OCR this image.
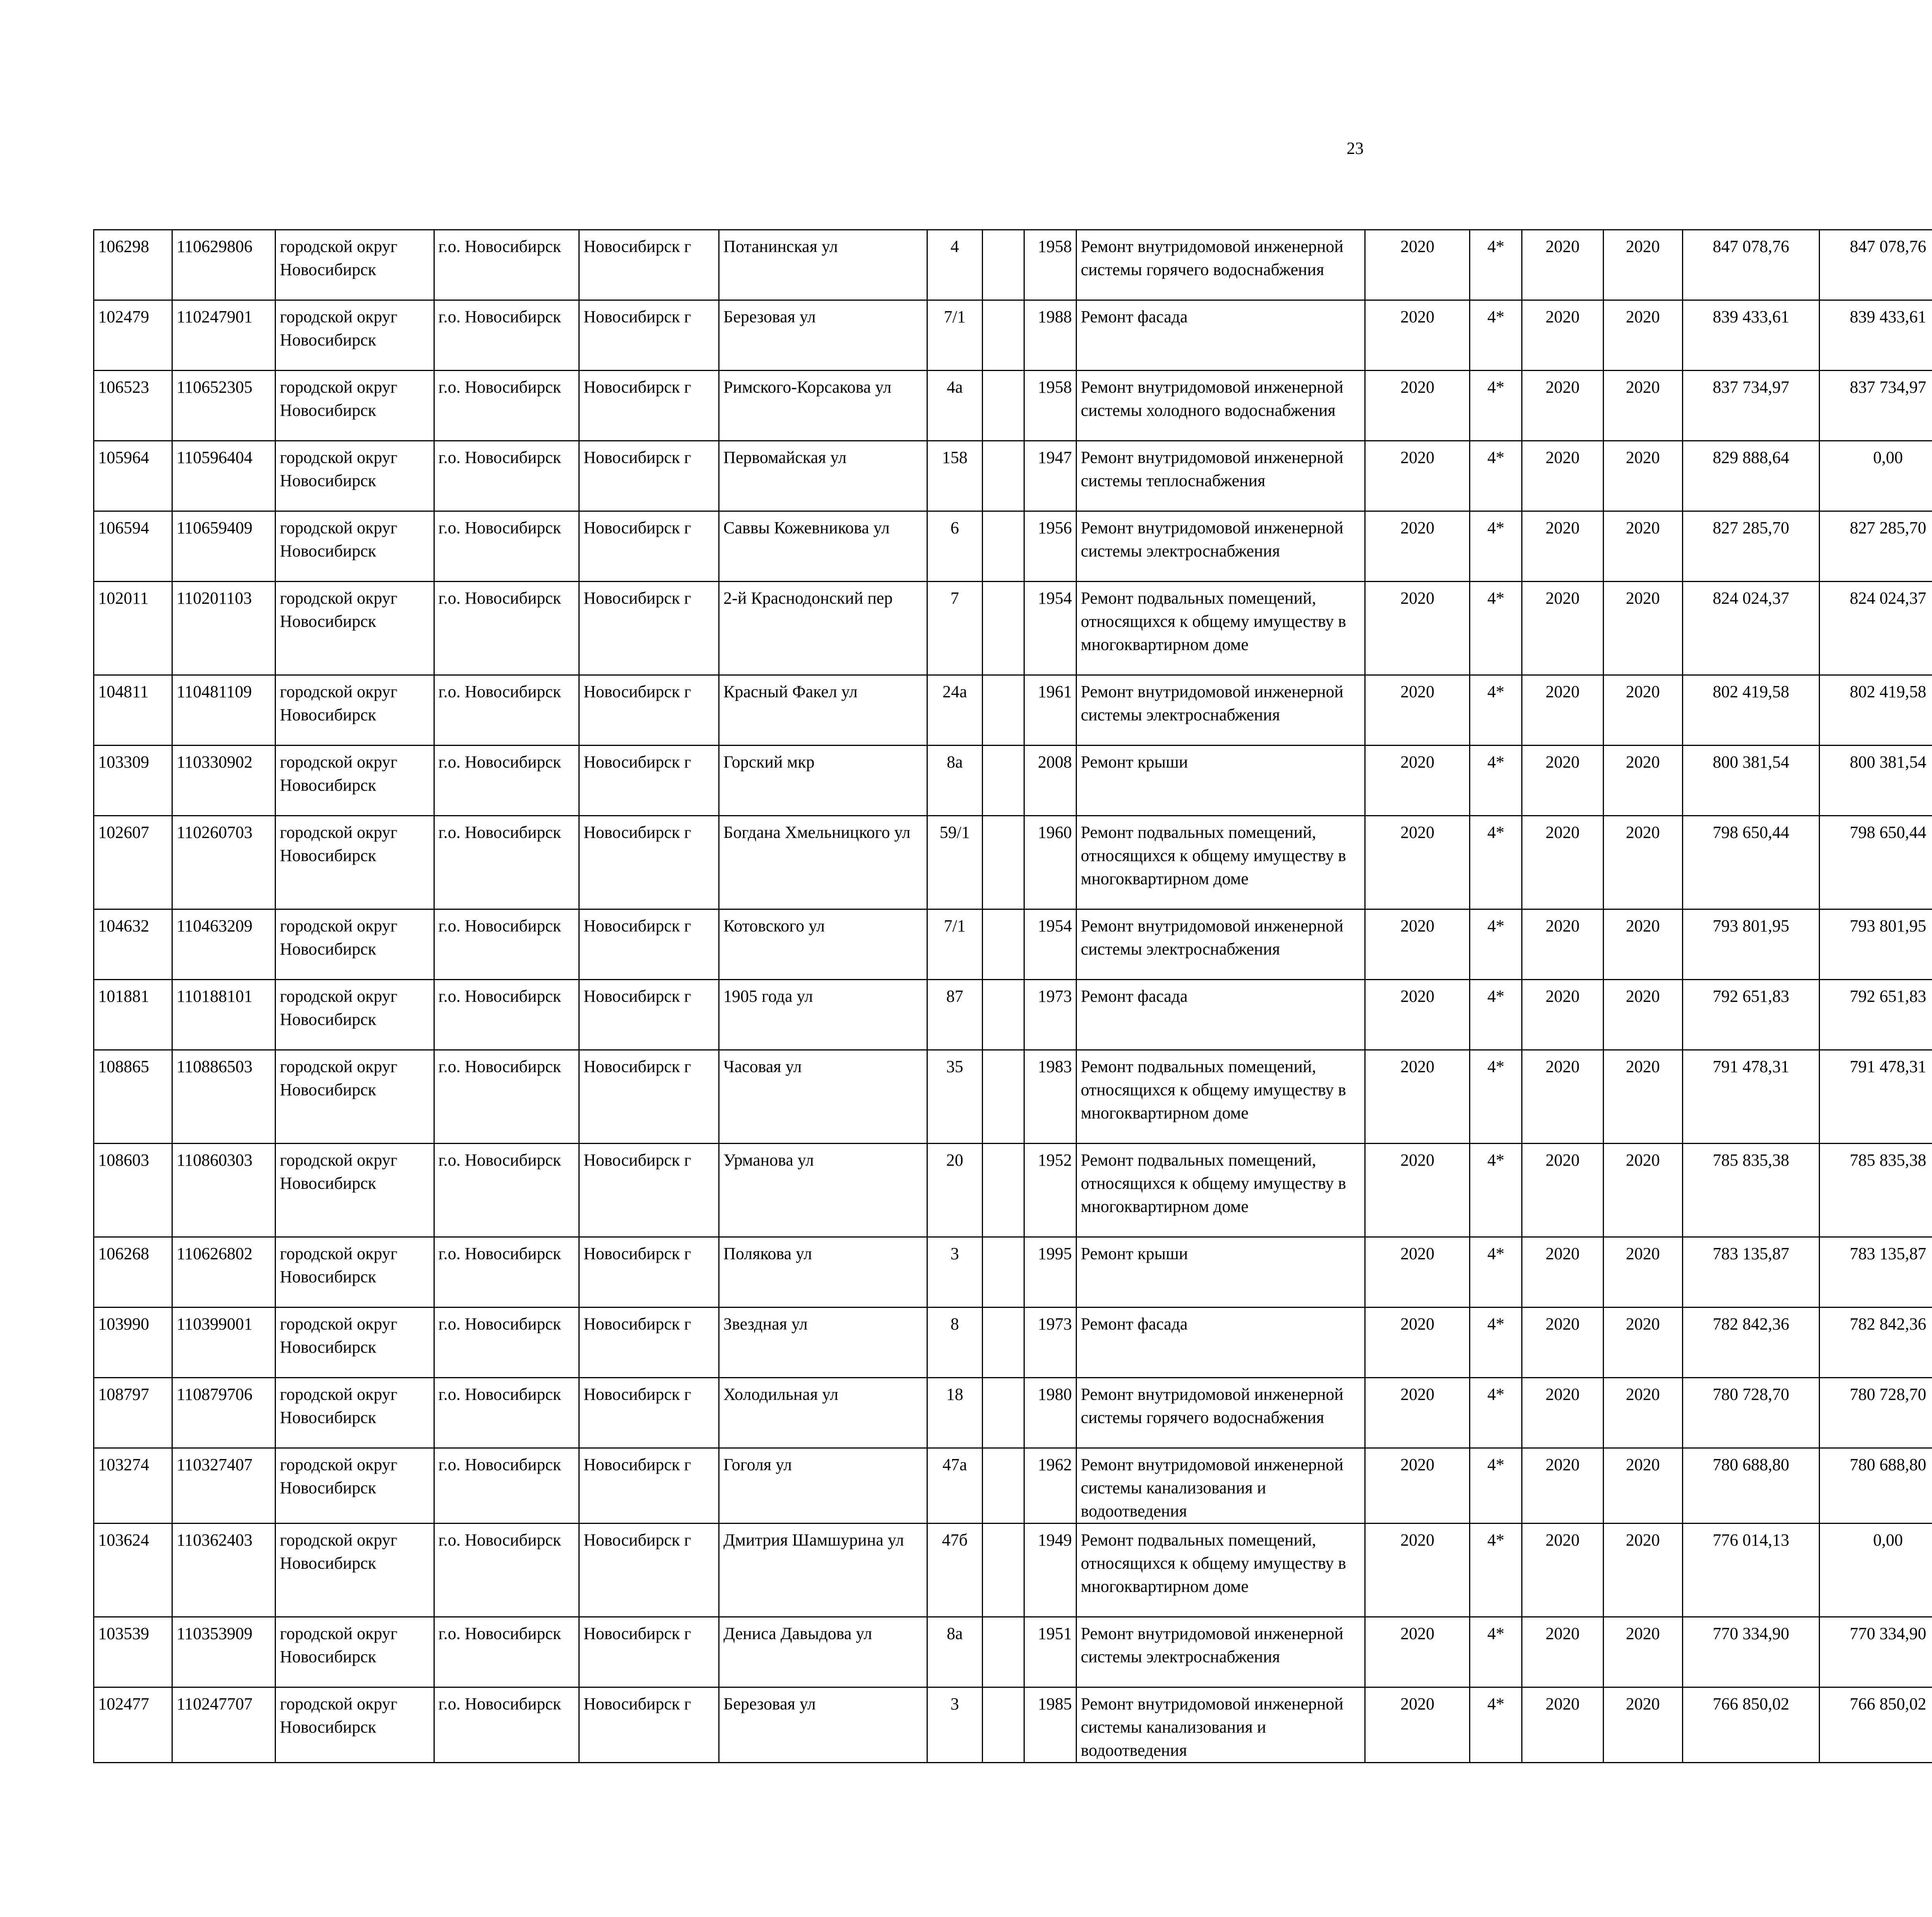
23
106298	110629806	городской округ Новосибирск	г.о. Новосибирск	Новосибирск г	Потанинская ул	4		1958	Ремонт внутридомовой инженерной системы горячего водоснабжения	2020	4*	2020	2020	847 078,76	847 078,76					
102479	110247901	городской округ Новосибирск	г.о. Новосибирск	Новосибирск г	Березовая ул	7/1		1988	Ремонт фасада	2020	4*	2020	2020	839 433,61	839 433,61					
106523	110652305	городской округ Новосибирск	г.о. Новосибирск	Новосибирск г	Римского-Корсакова ул	4а		1958	Ремонт внутридомовой инженерной системы холодного водоснабжения	2020	4*	2020	2020	837 734,97	837 734,97					
105964	110596404	городской округ Новосибирск	г.о. Новосибирск	Новосибирск г	Первомайская ул	158		1947	Ремонт внутридомовой инженерной системы теплоснабжения	2020	4*	2020	2020	829 888,64	0,00					
106594	110659409	городской округ Новосибирск	г.о. Новосибирск	Новосибирск г	Саввы Кожевникова ул	6		1956	Ремонт внутридомовой инженерной системы электроснабжения	2020	4*	2020	2020	827 285,70	827 285,70					
102011	110201103	городской округ Новосибирск	г.о. Новосибирск	Новосибирск г	2-й Краснодонский пер	7		1954	Ремонт подвальных помещений, относящихся к общему имуществу в многоквартирном доме	2020	4*	2020	2020	824 024,37	824 024,37					
104811	110481109	городской округ Новосибирск	г.о. Новосибирск	Новосибирск г	Красный Факел ул	24а		1961	Ремонт внутридомовой инженерной системы электроснабжения	2020	4*	2020	2020	802 419,58	802 419,58					
103309	110330902	городской округ Новосибирск	г.о. Новосибирск	Новосибирск г	Горский мкр	8а		2008	Ремонт крыши	2020	4*	2020	2020	800 381,54	800 381,54					
102607	110260703	городской округ Новосибирск	г.о. Новосибирск	Новосибирск г	Богдана Хмельницкого ул	59/1		1960	Ремонт подвальных помещений, относящихся к общему имуществу в многоквартирном доме	2020	4*	2020	2020	798 650,44	798 650,44					
104632	110463209	городской округ Новосибирск	г.о. Новосибирск	Новосибирск г	Котовского ул	7/1		1954	Ремонт внутридомовой инженерной системы электроснабжения	2020	4*	2020	2020	793 801,95	793 801,95					
101881	110188101	городской округ Новосибирск	г.о. Новосибирск	Новосибирск г	1905 года ул	87		1973	Ремонт фасада	2020	4*	2020	2020	792 651,83	792 651,83					
108865	110886503	городской округ Новосибирск	г.о. Новосибирск	Новосибирск г	Часовая ул	35		1983	Ремонт подвальных помещений, относящихся к общему имуществу в многоквартирном доме	2020	4*	2020	2020	791 478,31	791 478,31					
108603	110860303	городской округ Новосибирск	г.о. Новосибирск	Новосибирск г	Урманова ул	20		1952	Ремонт подвальных помещений, относящихся к общему имуществу в многоквартирном доме	2020	4*	2020	2020	785 835,38	785 835,38					
106268	110626802	городской округ Новосибирск	г.о. Новосибирск	Новосибирск г	Полякова ул	3		1995	Ремонт крыши	2020	4*	2020	2020	783 135,87	783 135,87					
103990	110399001	городской округ Новосибирск	г.о. Новосибирск	Новосибирск г	Звездная ул	8		1973	Ремонт фасада	2020	4*	2020	2020	782 842,36	782 842,36					
108797	110879706	городской округ Новосибирск	г.о. Новосибирск	Новосибирск г	Холодильная ул	18		1980	Ремонт внутридомовой инженерной системы горячего водоснабжения	2020	4*	2020	2020	780 728,70	780 728,70					
103274	110327407	городской округ Новосибирск	г.о. Новосибирск	Новосибирск г	Гоголя ул	47а		1962	Ремонт внутридомовой инженерной системы канализования и водоотведения	2020	4*	2020	2020	780 688,80	780 688,80					
103624	110362403	городской округ Новосибирск	г.о. Новосибирск	Новосибирск г	Дмитрия Шамшурина ул	47б		1949	Ремонт подвальных помещений, относящихся к общему имуществу в многоквартирном доме	2020	4*	2020	2020	776 014,13	0,00					
103539	110353909	городской округ Новосибирск	г.о. Новосибирск	Новосибирск г	Дениса Давыдова ул	8а		1951	Ремонт внутридомовой инженерной системы электроснабжения	2020	4*	2020	2020	770 334,90	770 334,90					
102477	110247707	городской округ Новосибирск	г.о. Новосибирск	Новосибирск г	Березовая ул	3		1985	Ремонт внутридомовой инженерной системы канализования и водоотведения	2020	4*	2020	2020	766 850,02	766 850,02					
